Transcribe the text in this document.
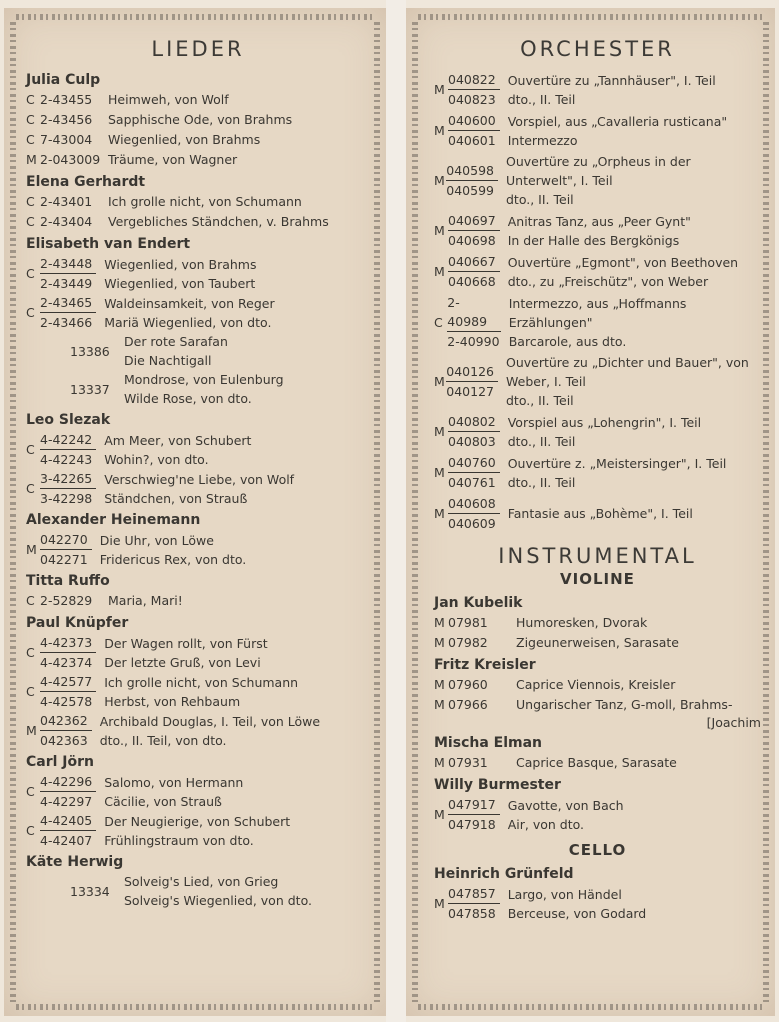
LIEDER
Julia Culp
C 2-43455 Heimweh, von Wolf
C 2-43456 Sapphische Ode, von Brahms
C 7-43004 Wiegenlied, von Brahms
M 2-043009 Träume, von Wagner
Elena Gerhardt
C 2-43401 Ich grolle nicht, von Schumann
C 2-43404 Vergebliches Ständchen, v. Brahms
Elisabeth van Endert
C
2-43448
2-43449
Wiegenlied, von Brahms
Wiegenlied, von Taubert
C
2-43465
2-43466
Waldeinsamkeit, von Reger
Mariä Wiegenlied, von dto.
13386
Der rote Sarafan
Die Nachtigall
13337
Mondrose, von Eulenburg
Wilde Rose, von dto.
Leo Slezak
C
4-42242
4-42243
Am Meer, von Schubert
Wohin?, von dto.
C
3-42265
3-42298
Verschwieg'ne Liebe, von Wolf
Ständchen, von Strauß
Alexander Heinemann
M
042270
042271
Die Uhr, von Löwe
Fridericus Rex, von dto.
Titta Ruffo
C 2-52829 Maria, Mari!
Paul Knüpfer
C
4-42373
4-42374
Der Wagen rollt, von Fürst
Der letzte Gruß, von Levi
C
4-42577
4-42578
Ich grolle nicht, von Schumann
Herbst, von Rehbaum
M
042362
042363
Archibald Douglas, I. Teil, von Löwe
dto., II. Teil, von dto.
Carl Jörn
C
4-42296
4-42297
Salomo, von Hermann
Cäcilie, von Strauß
C
4-42405
4-42407
Der Neugierige, von Schubert
Frühlingstraum von dto.
Käte Herwig
13334
Solveig's Lied, von Grieg
Solveig's Wiegenlied, von dto.
ORCHESTER
M
040822
040823
Ouvertüre zu „Tannhäuser", I. Teil
dto., II. Teil
M
040600
040601
Vorspiel, aus „Cavalleria rusticana"
Intermezzo
M
040598
040599
Ouvertüre zu „Orpheus in der Unterwelt", I. Teil
dto., II. Teil
M
040697
040698
Anitras Tanz, aus „Peer Gynt"
In der Halle des Bergkönigs
M
040667
040668
Ouvertüre „Egmont", von Beethoven
dto., zu „Freischütz", von Weber
C
2-40989
2-40990
Intermezzo, aus „Hoffmanns Erzählungen"
Barcarole, aus dto.
M
040126
040127
Ouvertüre zu „Dichter und Bauer", von Weber, I. Teil
dto., II. Teil
M
040802
040803
Vorspiel aus „Lohengrin", I. Teil
dto., II. Teil
M
040760
040761
Ouvertüre z. „Meistersinger", I. Teil
dto., II. Teil
M
040608
040609
Fantasie aus „Bohème", I. Teil
INSTRUMENTAL
VIOLINE
Jan Kubelik
M 07981 Humoresken, Dvorak
M 07982 Zigeunerweisen, Sarasate
Fritz Kreisler
M 07960 Caprice Viennois, Kreisler
M 07966 Ungarischer Tanz, G-moll, Brahms-
[Joachim
Mischa Elman
M 07931 Caprice Basque, Sarasate
Willy Burmester
M
047917
047918
Gavotte, von Bach
Air, von dto.
CELLO
Heinrich Grünfeld
M
047857
047858
Largo, von Händel
Berceuse, von Godard
